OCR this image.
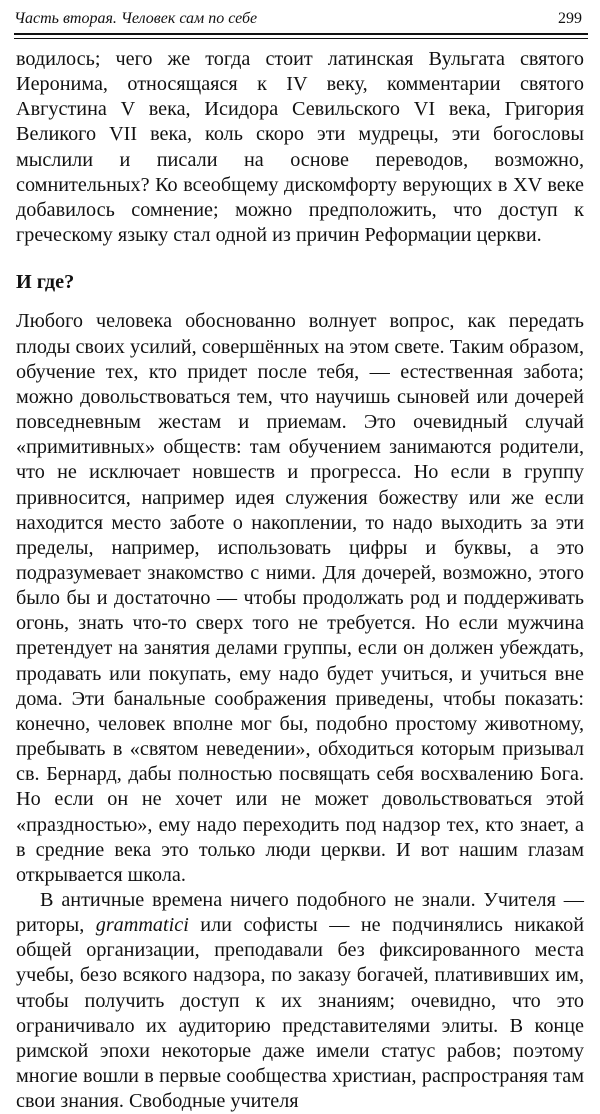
Часть вторая. Человек сам по себе	299

водилось; чего же тогда стоит латинская Вульгата святого Иеронима, относящаяся к IV веку, комментарии святого Августина V века, Исидора Севильского VI века, Григория Великого VII века, коль скоро эти мудрецы, эти богословы мыслили и писали на основе переводов, возможно, сомнительных? Ко всеобщему дискомфорту верующих в XV веке добавилось сомнение; можно предположить, что доступ к греческому языку стал одной из причин Реформации церкви.

И где?

Любого человека обоснованно волнует вопрос, как передать плоды своих усилий, совершённых на этом свете. Таким образом, обучение тех, кто придет после тебя, — естественная забота; можно довольствоваться тем, что научишь сыновей или дочерей повседневным жестам и приемам. Это очевидный случай «примитивных» обществ: там обучением занимаются родители, что не исключает новшеств и прогресса. Но если в группу привносится, например идея служения божеству или же если находится место заботе о накоплении, то надо выходить за эти пределы, например, использовать цифры и буквы, а это подразумевает знакомство с ними. Для дочерей, возможно, этого было бы и достаточно — чтобы продолжать род и поддерживать огонь, знать что-то сверх того не требуется. Но если мужчина претендует на занятия делами группы, если он должен убеждать, продавать или покупать, ему надо будет учиться, и учиться вне дома. Эти банальные соображения приведены, чтобы показать: конечно, человек вполне мог бы, подобно простому животному, пребывать в «святом неведении», обходиться которым призывал св. Бернард, дабы полностью посвящать себя восхвалению Бога. Но если он не хочет или не может довольствоваться этой «праздностью», ему надо переходить под надзор тех, кто знает, а в средние века это только люди церкви. И вот нашим глазам открывается школа.

В античные времена ничего подобного не знали. Учителя — риторы, grammatici или софисты — не подчинялись никакой общей организации, преподавали без фиксированного места учебы, безо всякого надзора, по заказу богачей, платививших им, чтобы получить доступ к их знаниям; очевидно, что это ограничивало их аудиторию представителями элиты. В конце римской эпохи некоторые даже имели статус рабов; поэтому многие вошли в первые сообщества христиан, распространяя там свои знания. Свободные учителя
